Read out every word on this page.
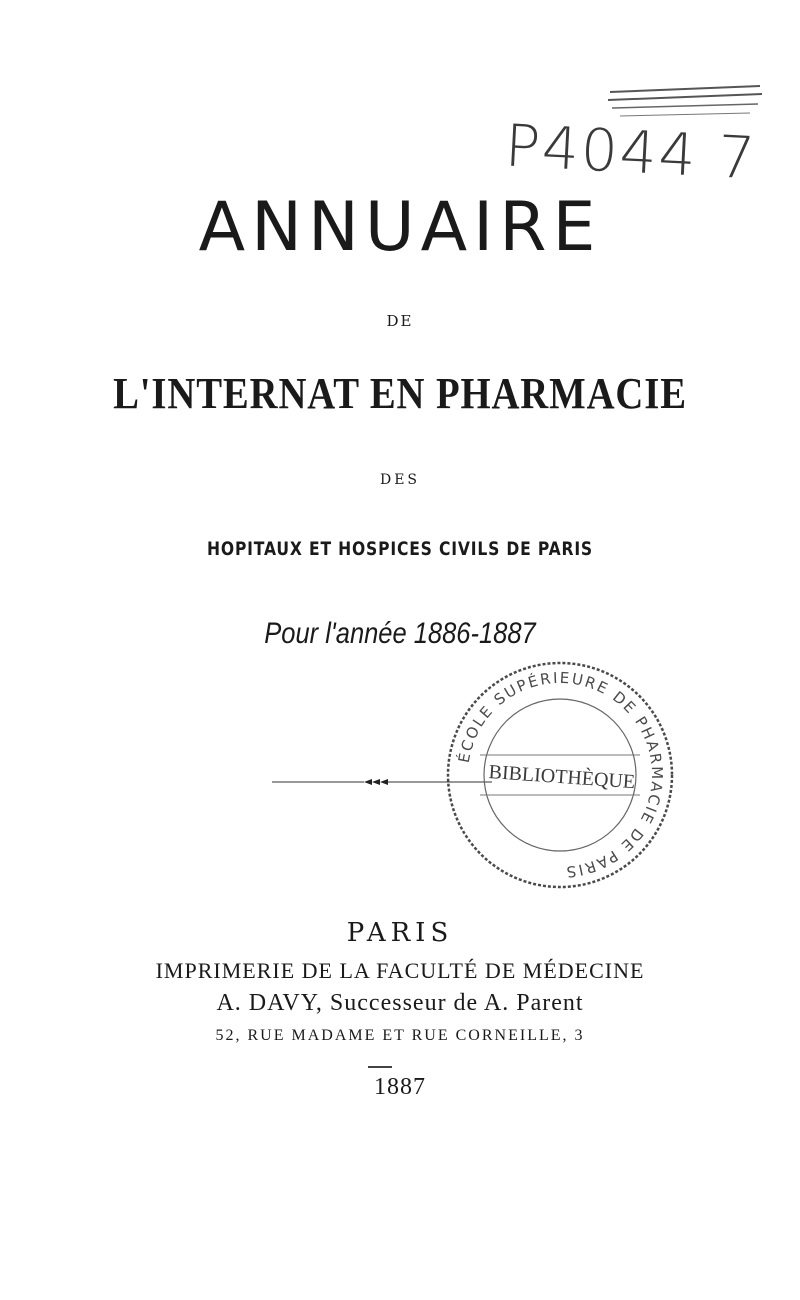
P4044 7
ANNUAIRE
DE
L'INTERNAT EN PHARMACIE
DES
HOPITAUX ET HOSPICES CIVILS DE PARIS
Pour l'année 1886-1887
ÉCOLE SUPÉRIEURE DE PHARMACIE DE PARIS
BIBLIOTHÈQUE
PARIS
IMPRIMERIE DE LA FACULTÉ DE MÉDECINE
A. DAVY, Successeur de A. Parent
52, RUE MADAME ET RUE CORNEILLE, 3
1887
